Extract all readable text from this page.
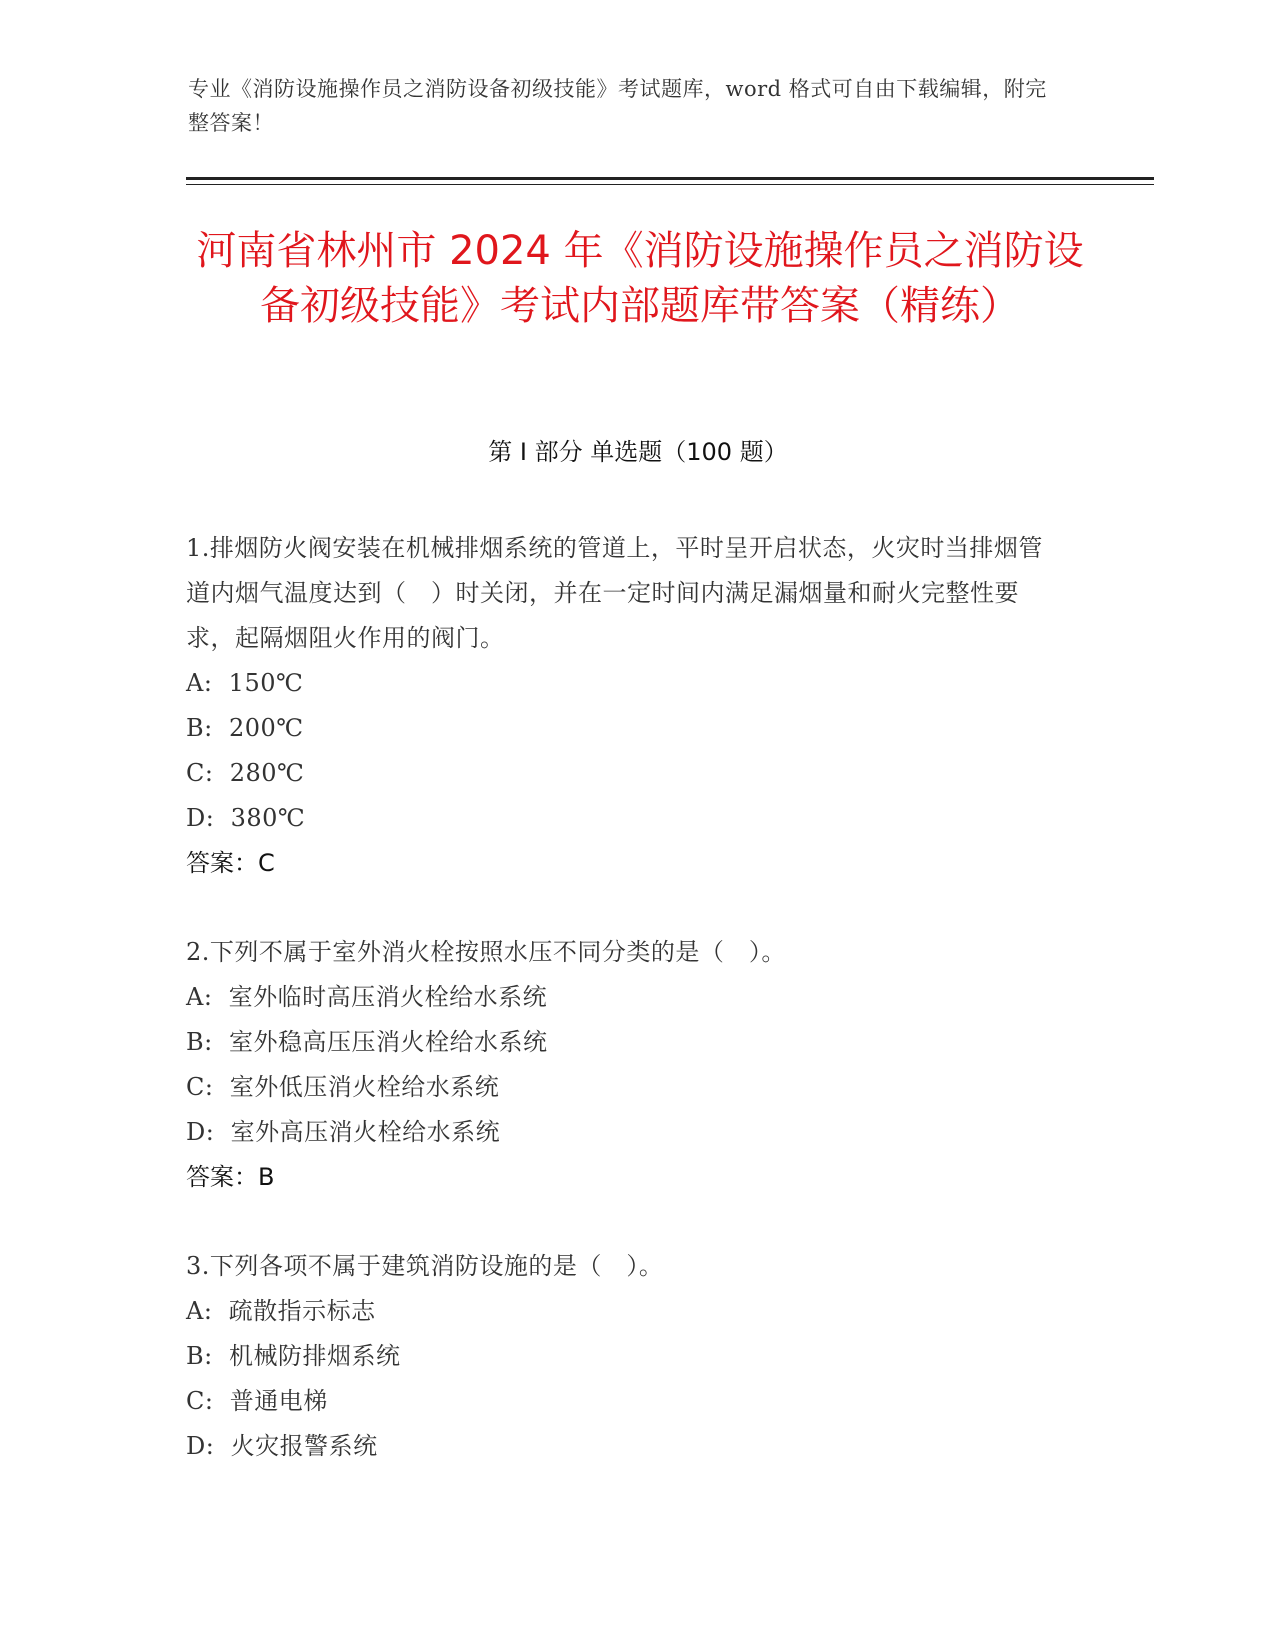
专业《消防设施操作员之消防设备初级技能》考试题库，word 格式可自由下载编辑，附完整答案！
河南省林州市 2024 年《消防设施操作员之消防设备初级技能》考试内部题库带答案（精练）
第 I 部分 单选题（100 题）

1.排烟防火阀安装在机械排烟系统的管道上，平时呈开启状态，火灾时当排烟管道内烟气温度达到（　）时关闭，并在一定时间内满足漏烟量和耐火完整性要求，起隔烟阻火作用的阀门。

A:  150℃

B:  200℃

C:  280℃

D:  380℃

答案：C

2.下列不属于室外消火栓按照水压不同分类的是（　）。

A:  室外临时高压消火栓给水系统

B:  室外稳高压压消火栓给水系统

C:  室外低压消火栓给水系统

D:  室外高压消火栓给水系统

答案：B

3.下列各项不属于建筑消防设施的是（　）。

A:  疏散指示标志

B:  机械防排烟系统

C:  普通电梯

D:  火灾报警系统
